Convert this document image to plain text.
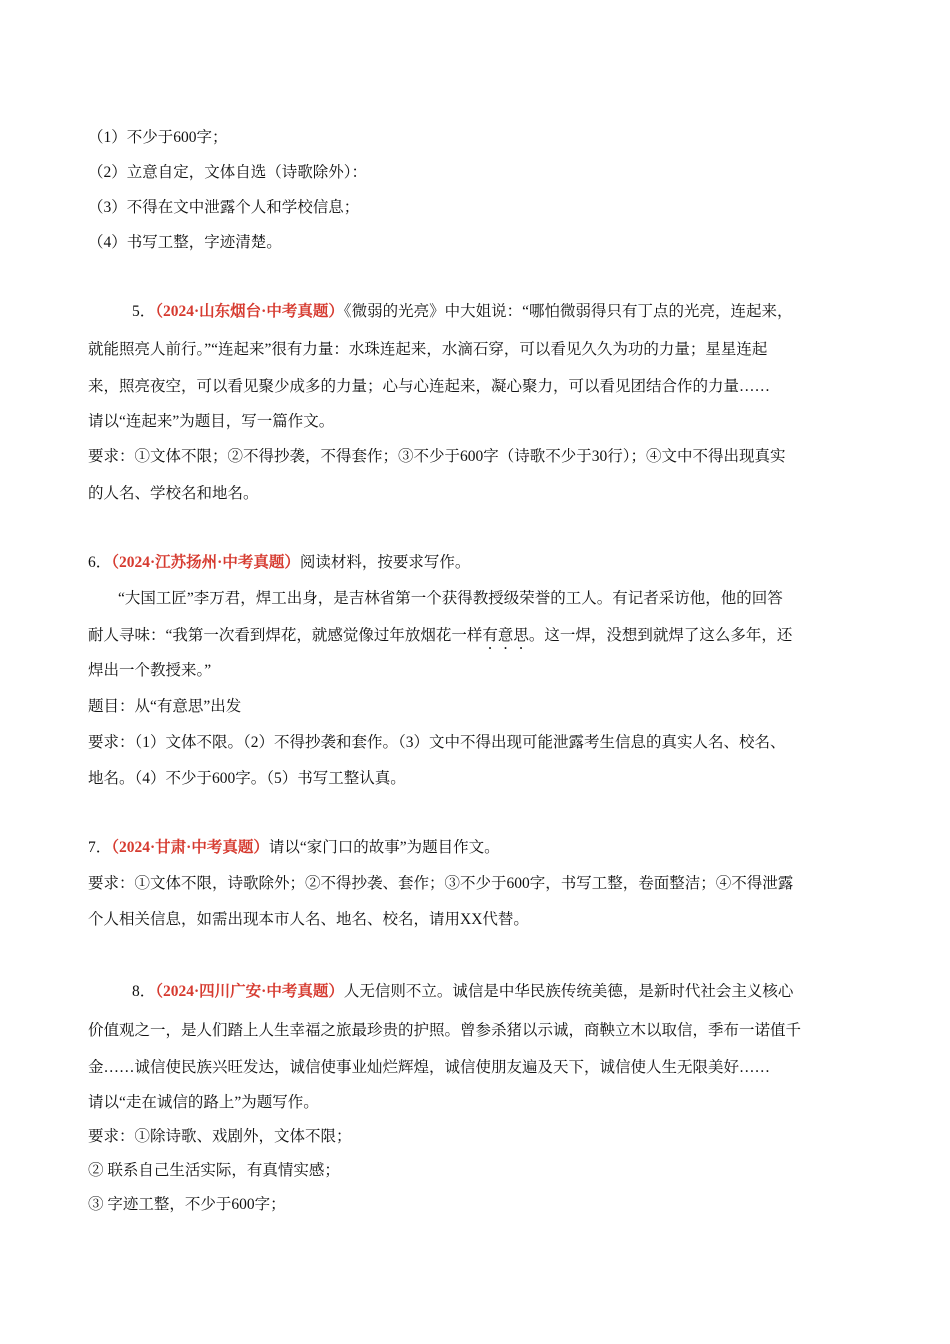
（1）不少于600字；
（2）立意自定，文体自选（诗歌除外）：
（3）不得在文中泄露个人和学校信息；
（4）书写工整，字迹清楚。
5．（2024·山东烟台·中考真题）《微弱的光亮》中大姐说：“哪怕微弱得只有丁点的光亮，连起来，
就能照亮人前行。”“连起来”很有力量：水珠连起来，水滴石穿，可以看见久久为功的力量；星星连起
来，照亮夜空，可以看见聚少成多的力量；心与心连起来，凝心聚力，可以看见团结合作的力量……
请以“连起来”为题目，写一篇作文。
要求：①文体不限；②不得抄袭，不得套作；③不少于600字（诗歌不少于30行）；④文中不得出现真实
的人名、学校名和地名。
6．（2024·江苏扬州·中考真题）阅读材料，按要求写作。
“大国工匠”李万君，焊工出身，是吉林省第一个获得教授级荣誉的工人。有记者采访他，他的回答
耐人寻味：“我第一次看到焊花，就感觉像过年放烟花一样有意思。这一焊，没想到就焊了这么多年，还
焊出一个教授来。”
题目：从“有意思”出发
要求：（1）文体不限。（2）不得抄袭和套作。（3）文中不得出现可能泄露考生信息的真实人名、校名、
地名。（4）不少于600字。（5）书写工整认真。
7．（2024·甘肃·中考真题）请以“家门口的故事”为题目作文。
要求：①文体不限，诗歌除外；②不得抄袭、套作；③不少于600字，书写工整，卷面整洁；④不得泄露
个人相关信息，如需出现本市人名、地名、校名，请用XX代替。
8．（2024·四川广安·中考真题）人无信则不立。诚信是中华民族传统美德，是新时代社会主义核心
价值观之一，是人们踏上人生幸福之旅最珍贵的护照。曾参杀猪以示诚，商鞅立木以取信，季布一诺值千
金……诚信使民族兴旺发达，诚信使事业灿烂辉煌，诚信使朋友遍及天下，诚信使人生无限美好……
请以“走在诚信的路上”为题写作。
要求：①除诗歌、戏剧外，文体不限；
② 联系自己生活实际，有真情实感；
③ 字迹工整，不少于600字；
